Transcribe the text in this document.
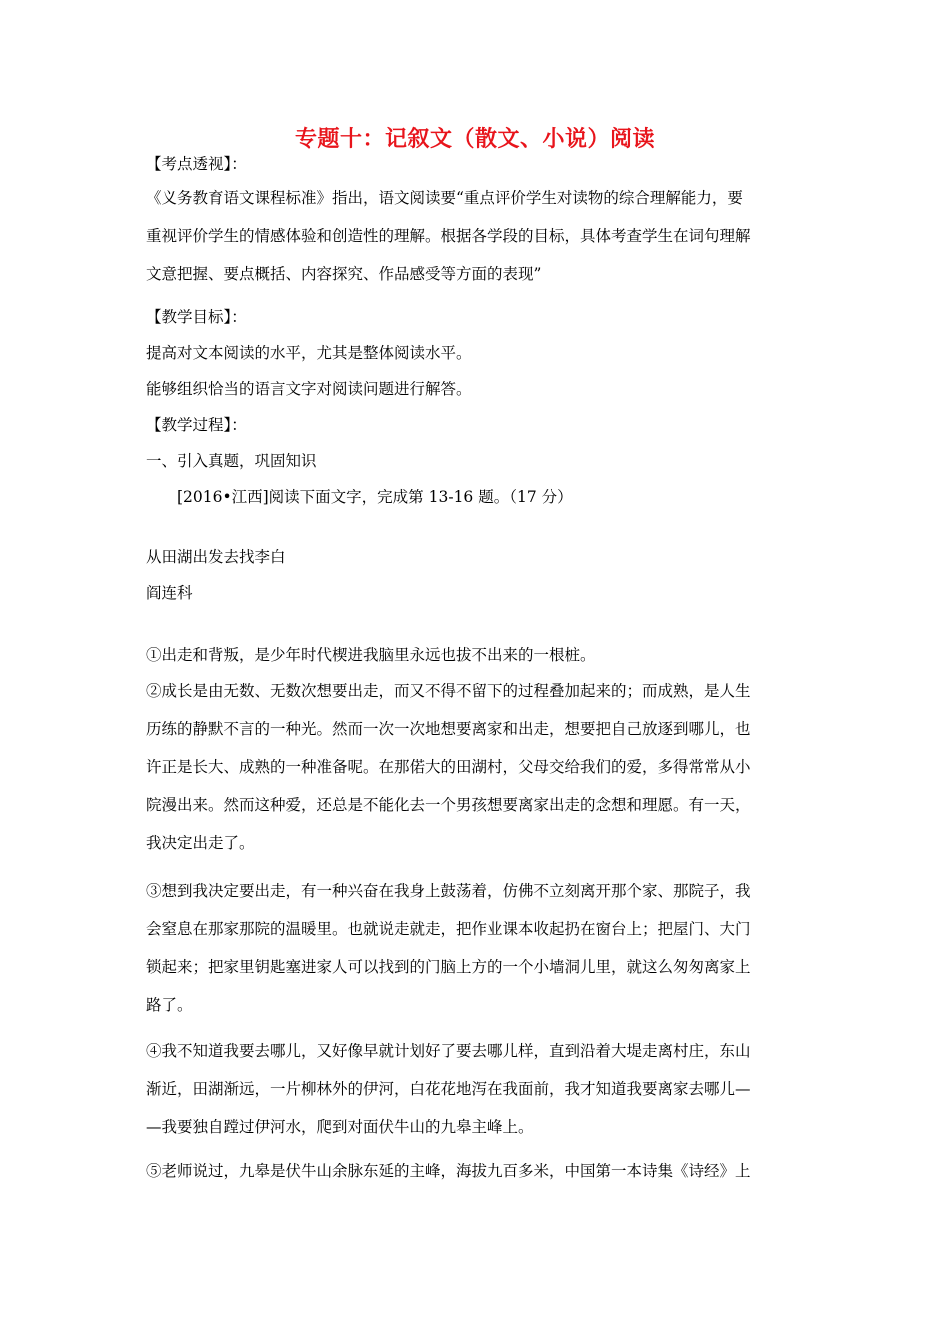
专题十：记叙文（散文、小说）阅读
【考点透视】：
《义务教育语文课程标准》指出，语文阅读要“重点评价学生对读物的综合理解能力，要
重视评价学生的情感体验和创造性的理解。根据各学段的目标，具体考查学生在词句理解
文意把握、要点概括、内容探究、作品感受等方面的表现”
【教学目标】：
提高对文本阅读的水平，尤其是整体阅读水平。
能够组织恰当的语言文字对阅读问题进行解答。
【教学过程】：
一、引入真题，巩固知识
[2016•江西]阅读下面文字，完成第 13-16 题。（17 分）
从田湖出发去找李白
阎连科
①出走和背叛，是少年时代楔进我脑里永远也拔不出来的一根桩。
②成长是由无数、无数次想要出走，而又不得不留下的过程叠加起来的；而成熟，是人生
历练的静默不言的一种光。然而一次一次地想要离家和出走，想要把自己放逐到哪儿，也
许正是长大、成熟的一种准备呢。在那偌大的田湖村，父母交给我们的爱，多得常常从小
院漫出来。然而这种爱，还总是不能化去一个男孩想要离家出走的念想和理愿。有一天，
我决定出走了。
③想到我决定要出走，有一种兴奋在我身上鼓荡着，仿佛不立刻离开那个家、那院子，我
会窒息在那家那院的温暖里。也就说走就走，把作业课本收起扔在窗台上；把屋门、大门
锁起来；把家里钥匙塞进家人可以找到的门脑上方的一个小墙洞儿里，就这么匆匆离家上
路了。
④我不知道我要去哪儿，又好像早就计划好了要去哪儿样，直到沿着大堤走离村庄，东山
渐近，田湖渐远，一片柳林外的伊河，白花花地泻在我面前，我才知道我要离家去哪儿—
—我要独自蹚过伊河水，爬到对面伏牛山的九皋主峰上。
⑤老师说过，九皋是伏牛山余脉东延的主峰，海拔九百多米，中国第一本诗集《诗经》上
